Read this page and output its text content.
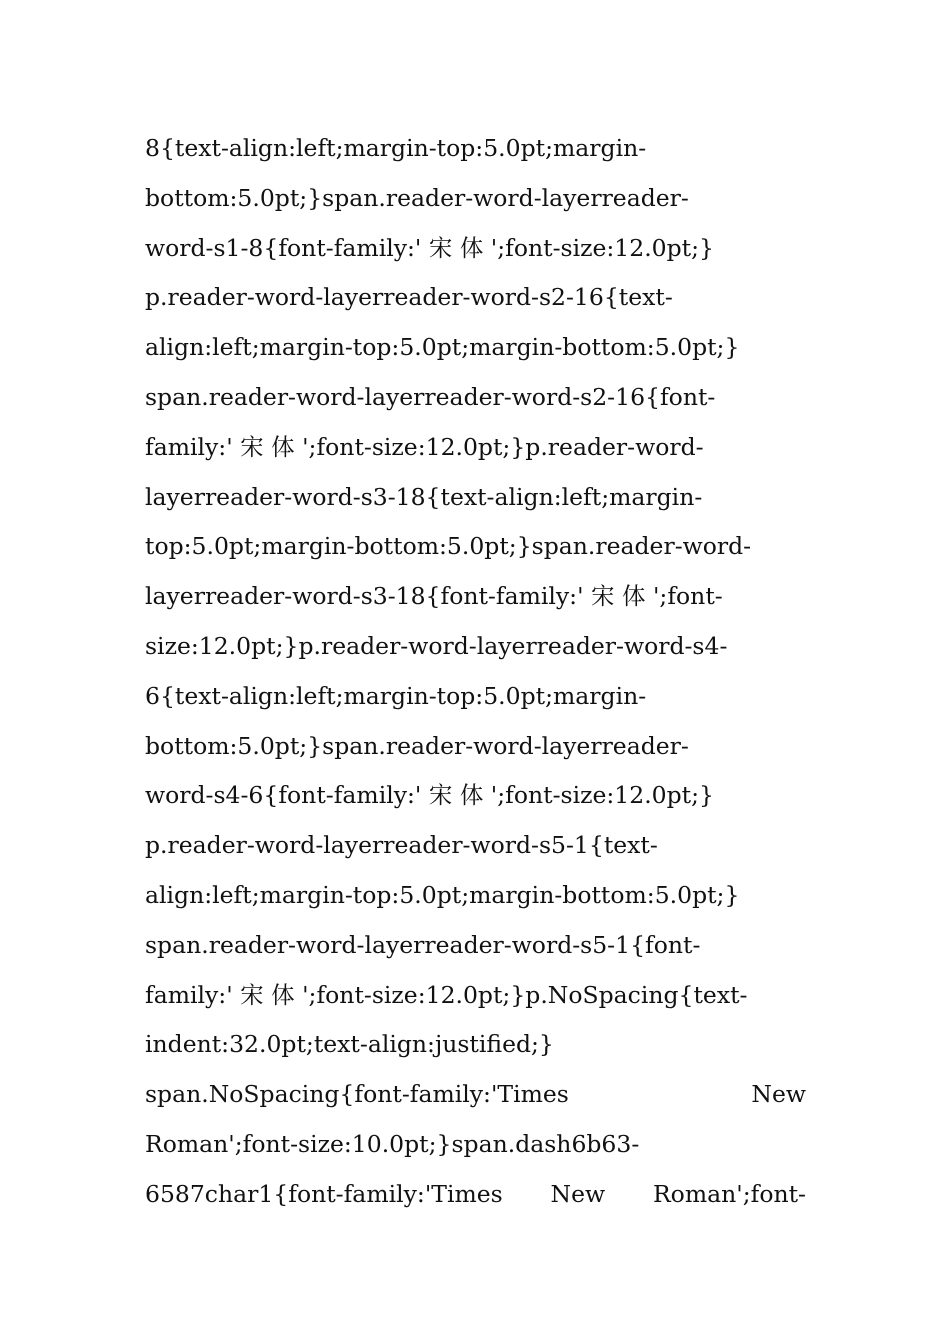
8{text-align:left;margin-top:5.0pt;margin-
bottom:5.0pt;}span.reader-word-layerreader-
word-s1-8{font-family:' 宋 体 ';font-size:12.0pt;}
p.reader-word-layerreader-word-s2-16{text-
align:left;margin-top:5.0pt;margin-bottom:5.0pt;}
span.reader-word-layerreader-word-s2-16{font-
family:' 宋 体 ';font-size:12.0pt;}p.reader-word-
layerreader-word-s3-18{text-align:left;margin-
top:5.0pt;margin-bottom:5.0pt;}span.reader-word-
layerreader-word-s3-18{font-family:' 宋 体 ';font-
size:12.0pt;}p.reader-word-layerreader-word-s4-
6{text-align:left;margin-top:5.0pt;margin-
bottom:5.0pt;}span.reader-word-layerreader-
word-s4-6{font-family:' 宋 体 ';font-size:12.0pt;}
p.reader-word-layerreader-word-s5-1{text-
align:left;margin-top:5.0pt;margin-bottom:5.0pt;}
span.reader-word-layerreader-word-s5-1{font-
family:' 宋 体 ';font-size:12.0pt;}p.NoSpacing{text-
indent:32.0pt;text-align:justified;}
span.NoSpacing{font-family:'Times New
Roman';font-size:10.0pt;}span.dash6b63-
6587char1{font-family:'Times New Roman';font-
